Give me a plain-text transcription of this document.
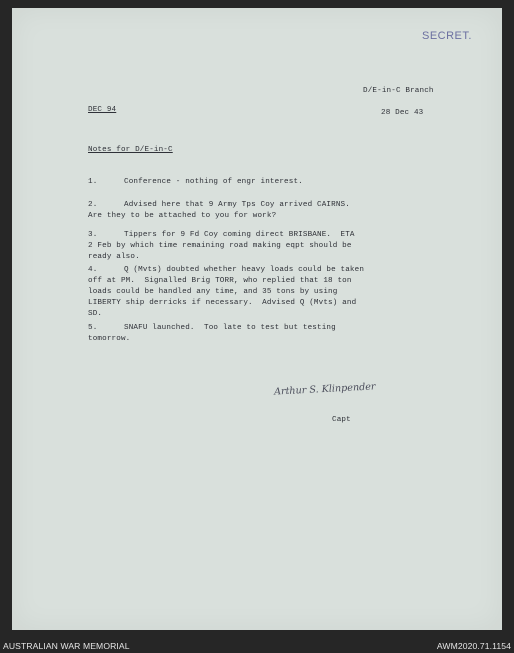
SECRET.
D/E-in-C Branch
28 Dec 43
DEC 94
Notes for D/E-in-C
1.	Conference - nothing of engr interest.
2.	Advised here that 9 Army Tps Coy arrived CAIRNS.
Are they to be attached to you for work?
3.	Tippers for 9 Fd Coy coming direct BRISBANE.  ETA
2 Feb by which time remaining road making eqpt should be
ready also.
4.	Q (Mvts) doubted whether heavy loads could be taken
off at PM.  Signalled Brig TORR, who replied that 18 ton
loads could be handled any time, and 35 tons by using
LIBERTY ship derricks if necessary.  Advised Q (Mvts) and
SD.
5.	SNAFU launched.  Too late to test but testing
tomorrow.
Arthur S. Klinpender
Capt
AUSTRALIAN WAR MEMORIAL	AWM2020.71.1154
